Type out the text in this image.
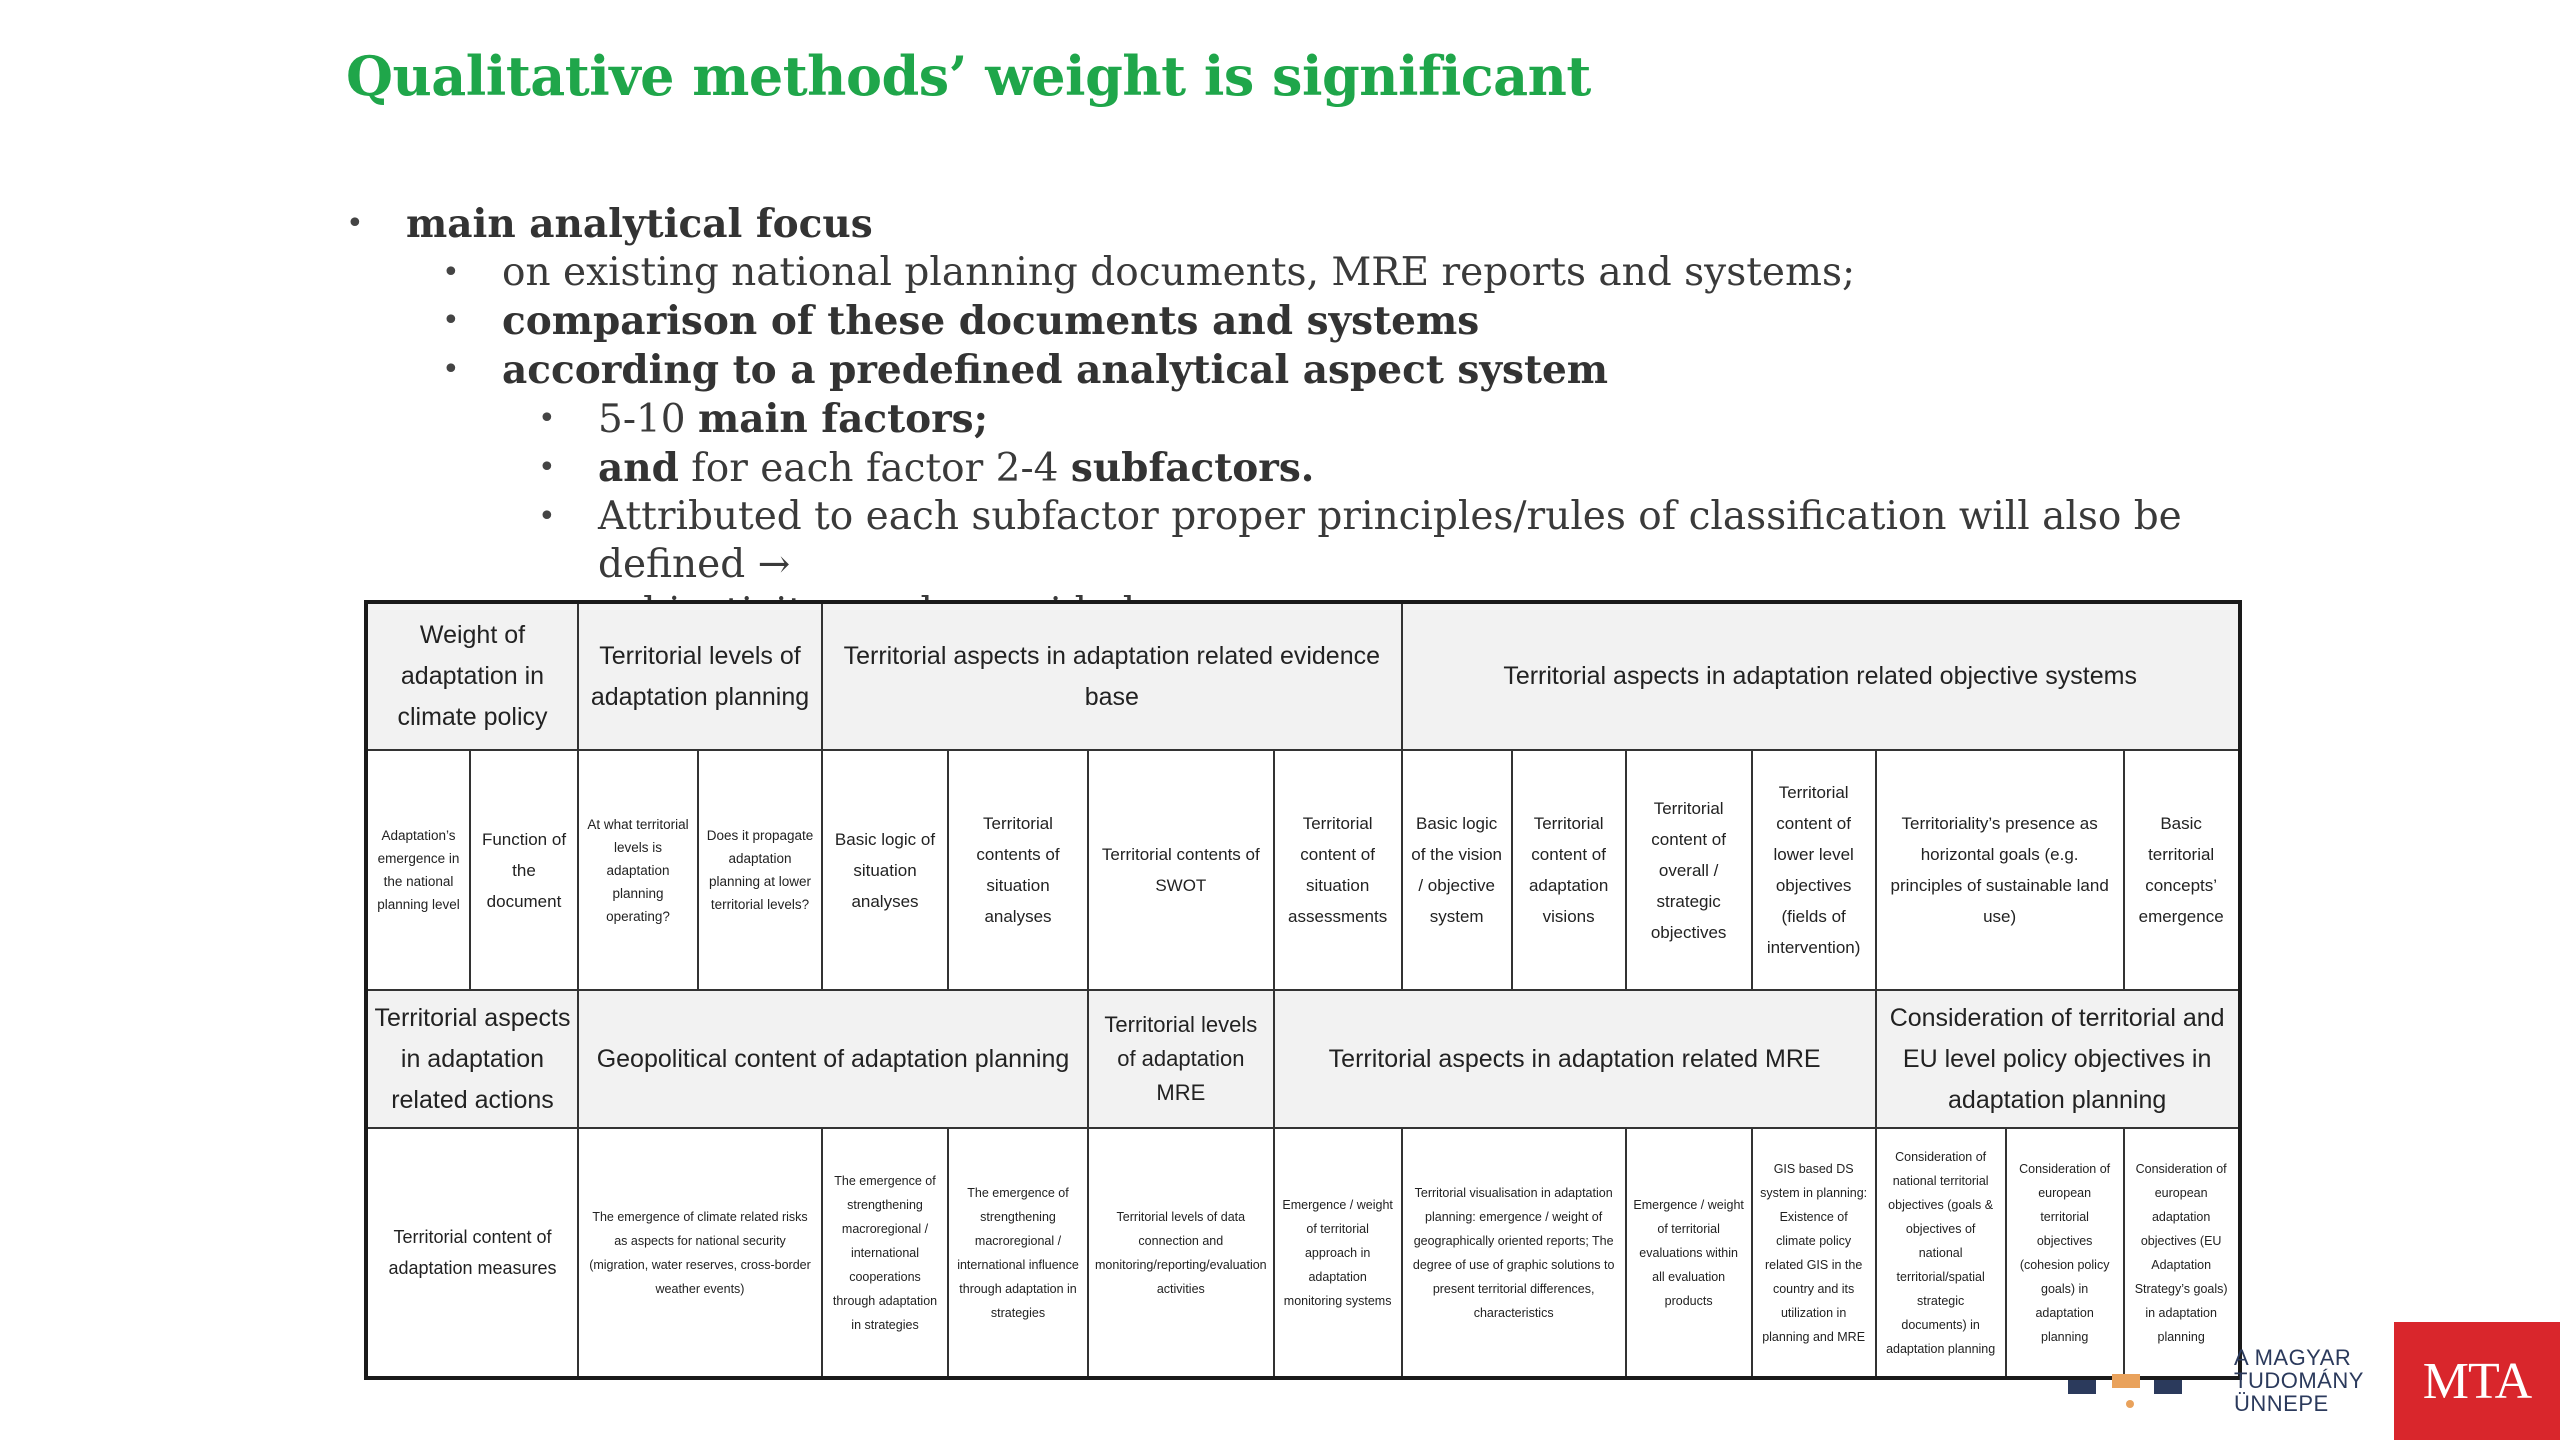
Qualitative methods’ weight is significant
• main analytical focus
• on existing national planning documents, MRE reports and systems;
• comparison of these documents and systems
• according to a predefined analytical aspect system
• 5-10 main factors;
• and for each factor 2-4 subfactors.
• Attributed to each subfactor proper principles/rules of classification will also be defined →

Weight of adaptation in climate policy		Territorial levels of adaptation planning		Territorial aspects in adaptation related evidence base				Territorial aspects in adaptation related objective systems						
Adaptation’s emergence in the national planning level	Function of the document	At what territorial levels is adaptation planning operating?	Does it propagate adaptation planning at lower territorial levels?	Basic logic of situation analyses	Territorial contents of situation analyses	Territorial contents of SWOT	Territorial content of situation assessments	Basic logic of the vision / objective system	Territorial content of adaptation visions	Territorial content of overall / strategic objectives	Territorial content of lower level objectives (fields of intervention)	Territoriality’s presence as horizontal goals (e.g. principles of sustainable land use)		Basic territorial concepts’ emergence
Territorial aspects in adaptation related actions		Geopolitical content of adaptation planning				Territorial levels of adaptation MRE	Territorial aspects in adaptation related MRE					Consideration of territorial and EU level policy objectives in adaptation planning		
Territorial content of adaptation measures		The emergence of climate related risks as aspects for national security (migration, water reserves, cross-border weather events)		The emergence of strengthening macroregional / international cooperations through adaptation in strategies	The emergence of strengthening macroregional / international influence through adaptation in strategies	Territorial levels of data connection and monitoring/reporting/evaluation activities	Emergence / weight of territorial approach in adaptation monitoring systems	Territorial visualisation in adaptation planning: emergence / weight of geographically oriented reports; The degree of use of graphic solutions to present territorial differences, characteristics		Emergence / weight of territorial evaluations within all evaluation products	GIS based DS system in planning: Existence of climate policy related GIS in the country and its utilization in planning and MRE	Consideration of national territorial objectives (goals & objectives of national territorial/spatial strategic documents) in adaptation planning	Consideration of european territorial objectives (cohesion policy goals) in adaptation planning	Consideration of european adaptation objectives (EU Adaptation Strategy’s goals) in adaptation planning
A MAGYAR
TUDOMÁNY
ÜNNEPE	MTA
